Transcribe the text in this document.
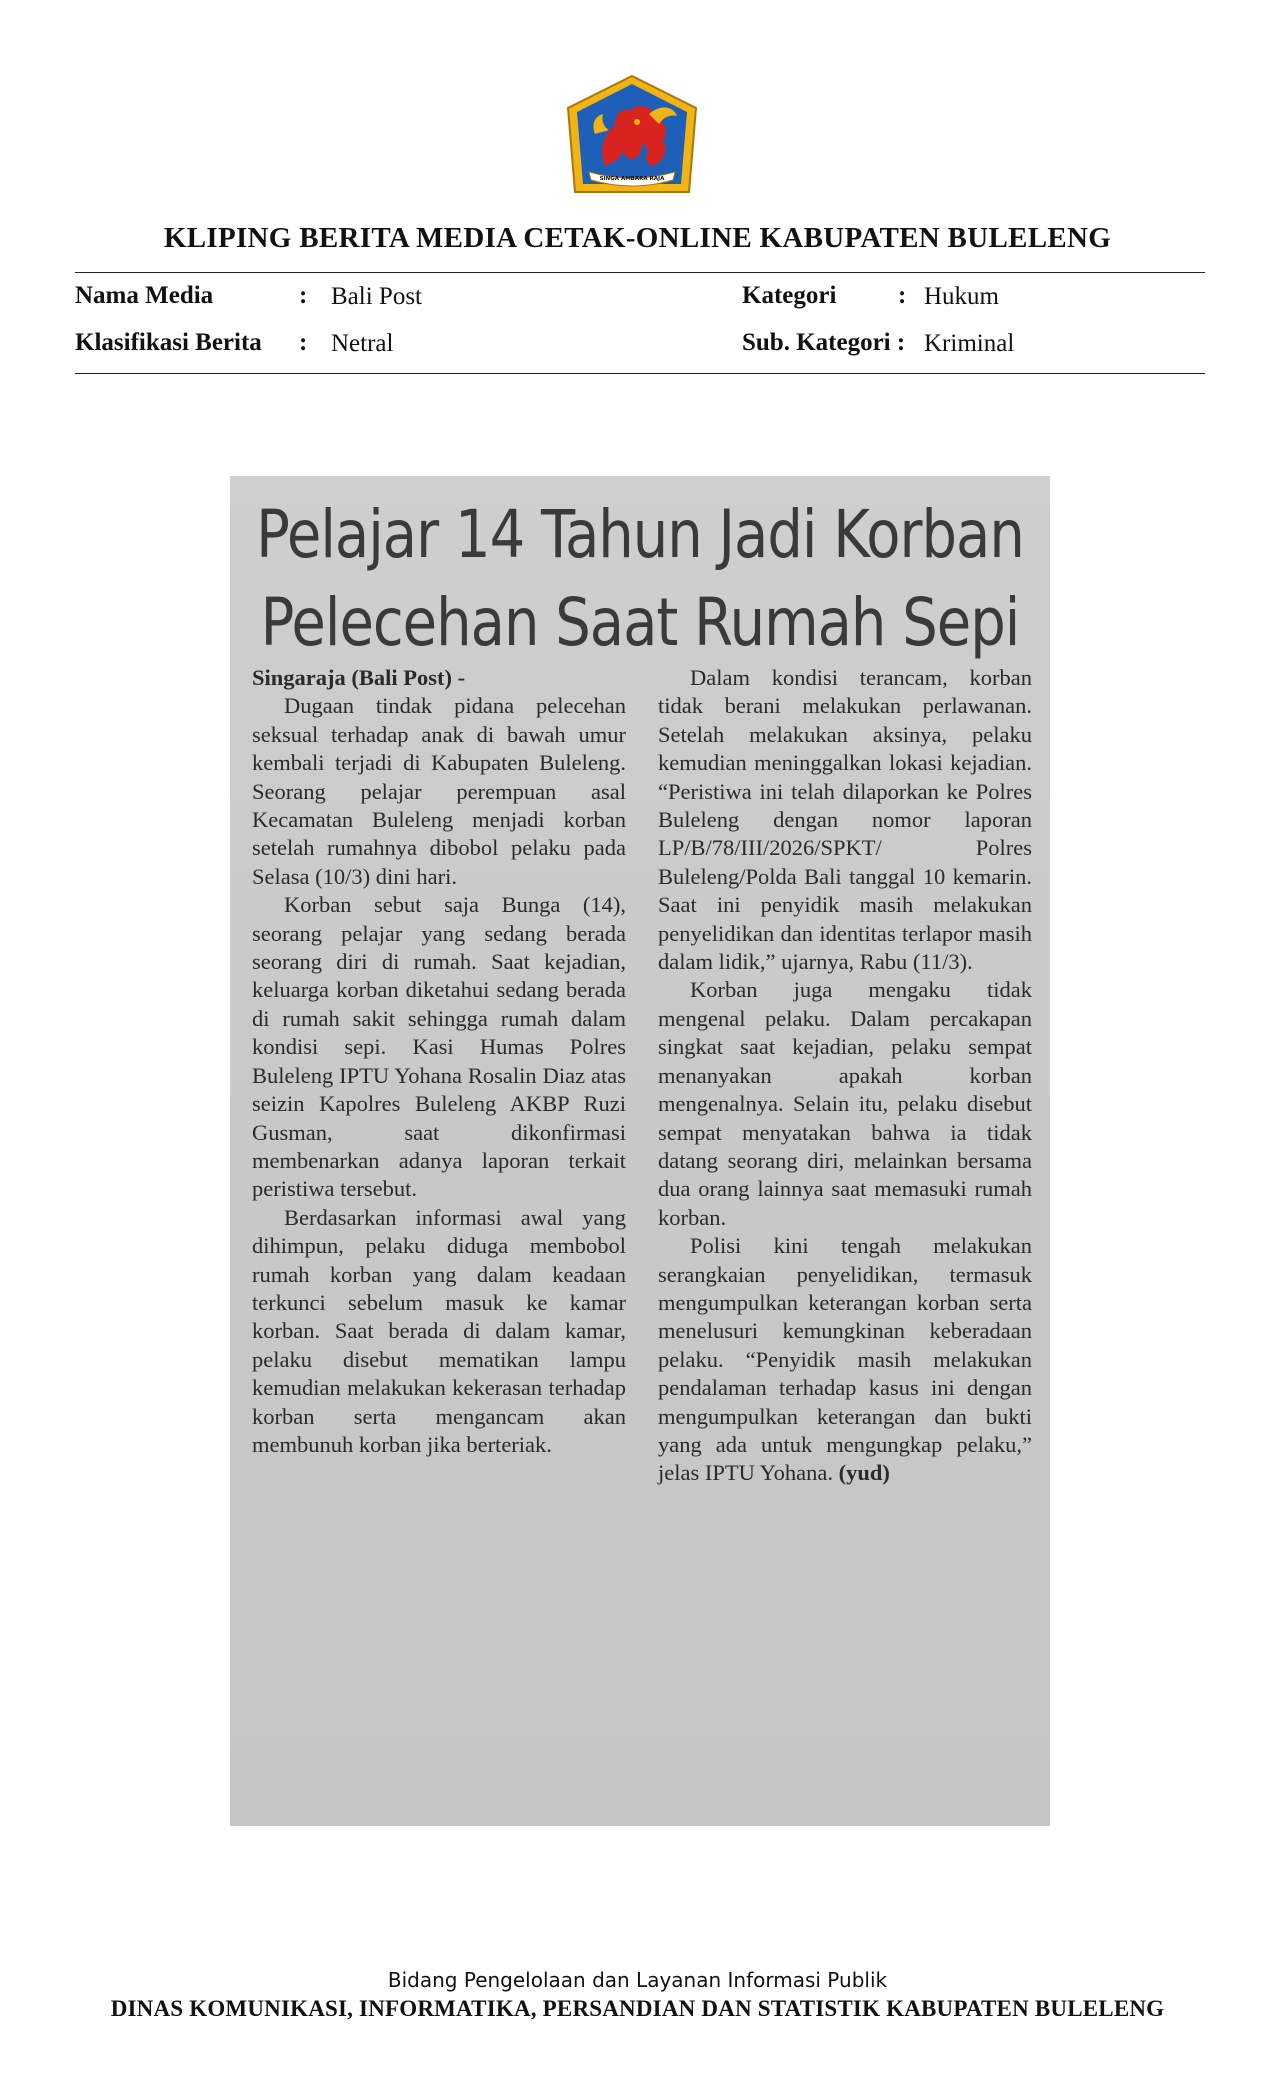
SINGA AMBARA RAJA
KLIPING BERITA MEDIA CETAK-ONLINE KABUPATEN BULELENG
Nama Media	: Bali Post
Klasifikasi Berita : Netral
Kategori : Hukum
Sub. Kategori : Kriminal
Pelajar 14 Tahun Jadi Korban
Pelecehan Saat Rumah Sepi

Singaraja (Bali Post) -

Dugaan tindak pidana pelecehan seksual terhadap anak di bawah umur kembali terjadi di Kabupaten Buleleng. Seorang pelajar perempuan asal Kecamatan Buleleng menjadi korban setelah rumahnya dibobol pelaku pada Selasa (10/3) dini hari.

Korban sebut saja Bunga (14), seorang pelajar yang sedang berada seorang diri di rumah. Saat kejadian, keluarga korban diketahui sedang berada di rumah sakit sehingga rumah dalam kondisi sepi. Kasi Humas Polres Buleleng IPTU Yohana Rosalin Diaz atas seizin Kapolres Buleleng AKBP Ruzi Gusman, saat dikonfirmasi membenarkan adanya laporan terkait peristiwa tersebut.

Berdasarkan informasi awal yang dihimpun, pelaku diduga membobol rumah korban yang dalam keadaan terkunci sebelum masuk ke kamar korban. Saat berada di dalam kamar, pelaku disebut mematikan lampu kemudian melakukan kekerasan terhadap korban serta mengancam akan membunuh korban jika berteriak.

Dalam kondisi terancam, korban tidak berani melakukan perlawanan. Setelah melakukan aksinya, pelaku kemudian meninggalkan lokasi kejadian. “Peristiwa ini telah dilaporkan ke Polres Buleleng dengan nomor laporan LP/B/78/III/2026/SPKT/ Polres Buleleng/Polda Bali tanggal 10 kemarin. Saat ini penyidik masih melakukan penyelidikan dan identitas terlapor masih dalam lidik,” ujarnya, Rabu (11/3).

Korban juga mengaku tidak mengenal pelaku. Dalam percakapan singkat saat kejadian, pelaku sempat menanyakan apakah korban mengenalnya. Selain itu, pelaku disebut sempat menyatakan bahwa ia tidak datang seorang diri, melainkan bersama dua orang lainnya saat memasuki rumah korban.

Polisi kini tengah melakukan serangkaian penyelidikan, termasuk mengumpulkan keterangan korban serta menelusuri kemungkinan keberadaan pelaku. “Penyidik masih melakukan pendalaman terhadap kasus ini dengan mengumpulkan keterangan dan bukti yang ada untuk mengungkap pelaku,” jelas IPTU Yohana. (yud)

Bidang Pengelolaan dan Layanan Informasi Publik
DINAS KOMUNIKASI, INFORMATIKA, PERSANDIAN DAN STATISTIK KABUPATEN BULELENG
